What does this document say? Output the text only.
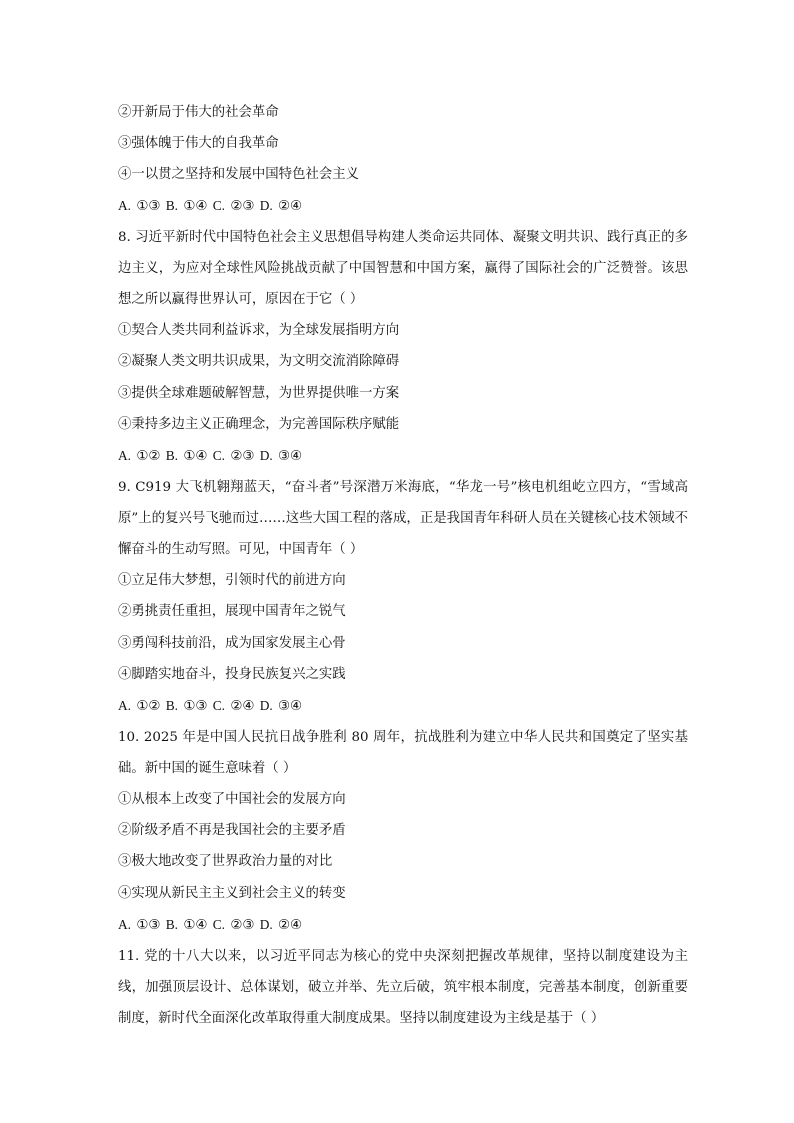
②开新局于伟大的社会革命
③强体魄于伟大的自我革命
④一以贯之坚持和发展中国特色社会主义
A. ①③ B. ①④ C. ②③ D. ②④
8. 习近平新时代中国特色社会主义思想倡导构建人类命运共同体、凝聚文明共识、践行真正的多边主义，为应对全球性风险挑战贡献了中国智慧和中国方案，赢得了国际社会的广泛赞誉。该思想之所以赢得世界认可，原因在于它（ ）
①契合人类共同利益诉求，为全球发展指明方向
②凝聚人类文明共识成果，为文明交流消除障碍
③提供全球难题破解智慧，为世界提供唯一方案
④秉持多边主义正确理念，为完善国际秩序赋能
A. ①② B. ①④ C. ②③ D. ③④
9. C919 大飞机翱翔蓝天，“奋斗者”号深潜万米海底，“华龙一号”核电机组屹立四方，“雪域高原”上的复兴号飞驰而过……这些大国工程的落成，正是我国青年科研人员在关键核心技术领域不懈奋斗的生动写照。可见，中国青年（ ）
①立足伟大梦想，引领时代的前进方向
②勇挑责任重担，展现中国青年之锐气
③勇闯科技前沿，成为国家发展主心骨
④脚踏实地奋斗，投身民族复兴之实践
A. ①② B. ①③ C. ②④ D. ③④
10. 2025 年是中国人民抗日战争胜利 80 周年，抗战胜利为建立中华人民共和国奠定了坚实基础。新中国的诞生意味着（ ）
①从根本上改变了中国社会的发展方向
②阶级矛盾不再是我国社会的主要矛盾
③极大地改变了世界政治力量的对比
④实现从新民主主义到社会主义的转变
A. ①③ B. ①④ C. ②③ D. ②④
11. 党的十八大以来，以习近平同志为核心的党中央深刻把握改革规律，坚持以制度建设为主线，加强顶层设计、总体谋划，破立并举、先立后破，筑牢根本制度，完善基本制度，创新重要制度，新时代全面深化改革取得重大制度成果。坚持以制度建设为主线是基于（ ）
